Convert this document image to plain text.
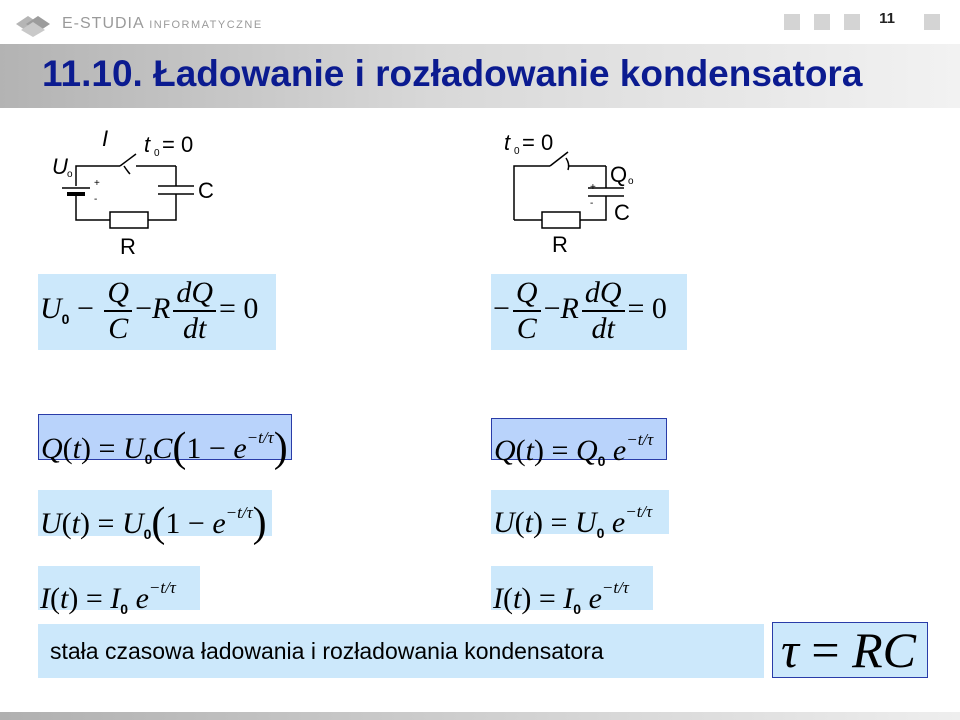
E-STUDIA INFORMATYCZNE	11
11.10. Ładowanie i rozładowanie kondensatora
I t 0 = 0
U o
+
-	C
R
t 0 = 0
Q o
+
- C
R
$U_0 - \frac{Q}{C} -R \frac{dQ}{dt} = 0$
$Q(t) = U_0C(1 - e^{-t/\tau})$
$U(t) = U_0(1 - e^{-t/\tau})$
$I(t) = I_0$ $e^{-t/\tau}$
− $\frac{Q}{C} -R \frac{dQ}{dt} = 0$
$Q(t) = Q_0$ $e^{-t/\tau}$
$U(t) = U_0$ $e^{-t/\tau}$
$I(t) = I_0$ $e^{-t/\tau}$
stała czasowa ładowania i rozładowania kondensatora	τ = RC
